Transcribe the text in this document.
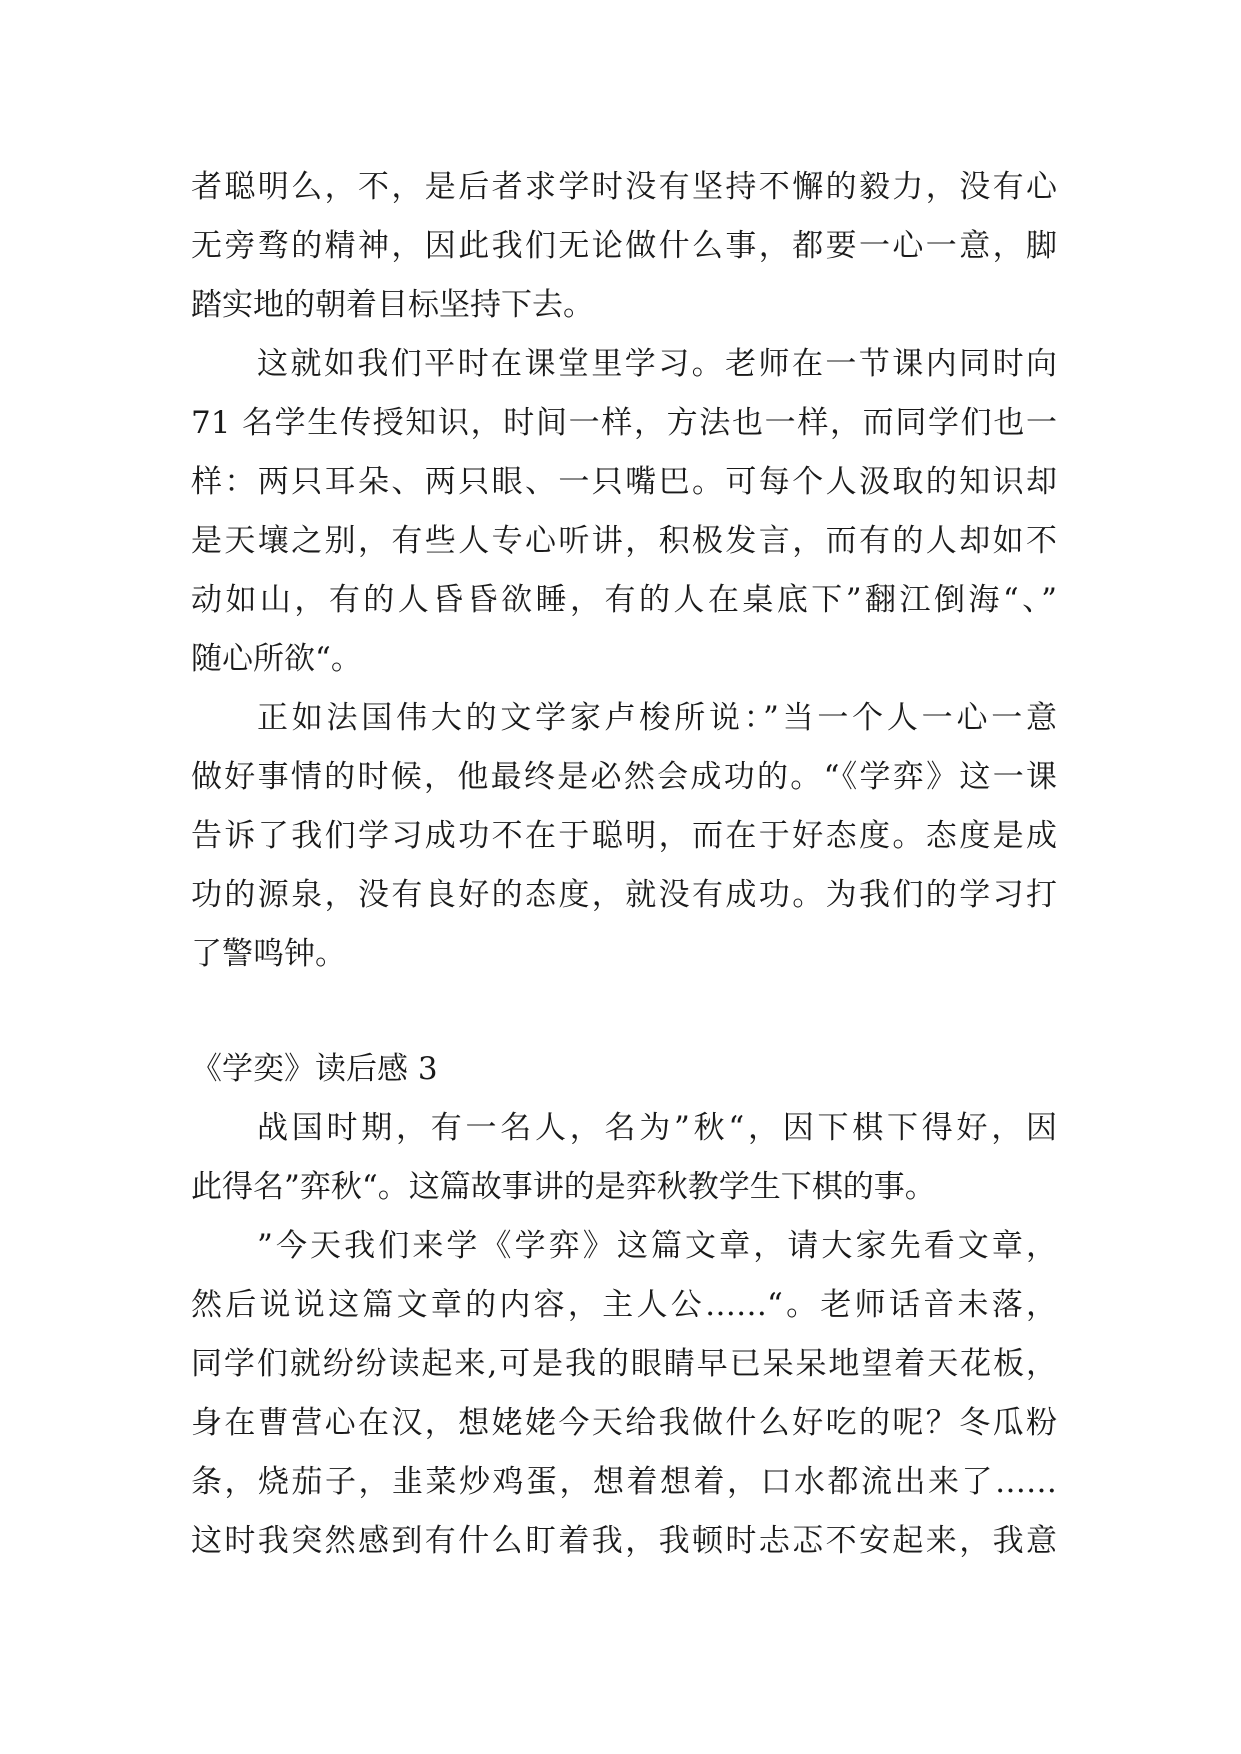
者聪明么，不，是后者求学时没有坚持不懈的毅力，没有心
无旁骛的精神，因此我们无论做什么事，都要一心一意，脚
踏实地的朝着目标坚持下去。
这就如我们平时在课堂里学习。老师在一节课内同时向
71 名学生传授知识，时间一样，方法也一样，而同学们也一
样：两只耳朵、两只眼、一只嘴巴。可每个人汲取的知识却
是天壤之别，有些人专心听讲，积极发言，而有的人却如不
动如山，有的人昏昏欲睡，有的人在桌底下”翻江倒海“、”
随心所欲“。
正如法国伟大的文学家卢梭所说：”当一个人一心一意
做好事情的时候，他最终是必然会成功的。“《学弈》这一课
告诉了我们学习成功不在于聪明，而在于好态度。态度是成
功的源泉，没有良好的态度，就没有成功。为我们的学习打
了警鸣钟。
《学奕》读后感 3
战国时期，有一名人，名为”秋“，因下棋下得好，因
此得名”弈秋“。这篇故事讲的是弈秋教学生下棋的事。
”今天我们来学《学弈》这篇文章，请大家先看文章，
然后说说这篇文章的内容，主人公……“。老师话音未落，
同学们就纷纷读起来,可是我的眼睛早已呆呆地望着天花板，
身在曹营心在汉，想姥姥今天给我做什么好吃的呢？冬瓜粉
条，烧茄子，韭菜炒鸡蛋，想着想着，口水都流出来了……
这时我突然感到有什么盯着我，我顿时忐忑不安起来，我意
